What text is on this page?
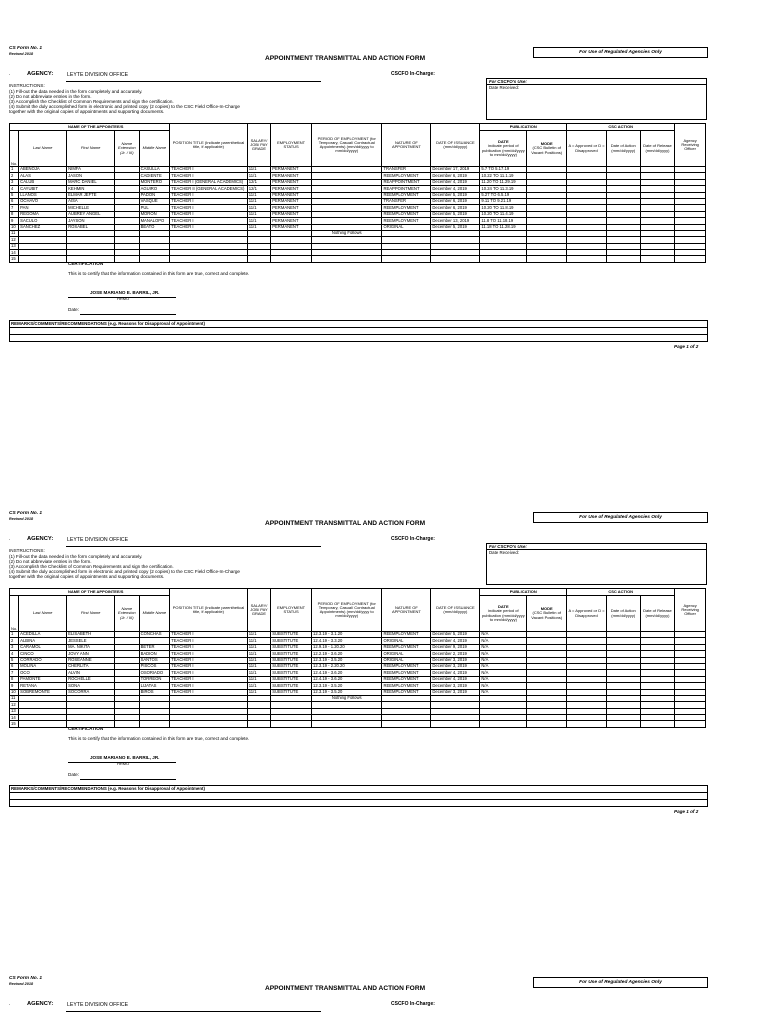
CS Form No. 1
Revised 2018	For Use of Regulated Agencies Only
APPOINTMENT TRANSMITTAL AND ACTION FORM
.	AGENCY:	LEYTE DIVISION OFFICE	CSCFO In-Charge:
INSTRUCTIONS:
(1) Fill-out the data needed in the form completely and accurately.
(2) Do not abbreviate entries in the form.
(3) Accomplish the Checklist of Common Requirements and sign the certification.
(4) Submit the duly accomplished form in electronic and printed copy (2 copies) to the CSC Field Office-In-Charge
together with the original copies of appointments and supporting documents.
For CSCFO's Use:
Date Received:
NAME OF THE APPOINTEE/S					POSITION TITLE (Indicate parenthetical title, if applicable)	SALARY/ JOB/ PAY GRADE	EMPLOYMENT STATUS	PERIOD OF EMPLOYMENT (for Temporary, Casual/ Contractual Appointments) (mm/dd/yyyy to mm/dd/yyyy)	NATURE OF APPOINTMENT	DATE OF ISSUANCE (mm/dd/yyyy)	PUBLICATION		CSC ACTION			Agency Receiving Officer
No.	Last Name	First Name	Name Extension (Jr. / III)	Middle Name							DATE
indicate period of publication (mm/dd/yyyy to mm/dd/yyyy)	MODE
(CSC Bulletin of Vacant Positions)	A = Approved or D = Disapproved	Date of Action (mm/dd/yyyy)	Date of Release (mm/dd/yyyy)	
1	ABENOJA	NIMFA		CASULLA	TEACHER I	11/1	PERMANENT		TRANSFER	December 17, 2019	5.7 TO 5.17.19					
2	ALAS	JASON		CADIENTE	TEACHER I	11/1	PERMANENT		REEMPLOYMENT	December 6, 2019	10.22 TO 11.1.19					
3	CALUB	MARC DANIEL		MONTERO	TEACHER I (GENERAL ACADEMICS)	12/1	PERMANENT		REAPPOINTMENT	December 4, 2019	11.20 TO 11.29.19					
4	CAYUBIT	KEHMIN		AGUIRO	TEACHER II (GENERAL ACADEMICS)	12/1	PERMANENT		REAPPOINTMENT	December 4, 2019	10.24 TO 11.3.19					
5	LLANOS	ELMAR JEFTE		PADON	TEACHER I	11/1	PERMANENT		REEMPLOYMENT	December 5, 2019	5.27 TO 6.5.19					
6	OCHAVO	AISA		VASQUE	TEACHER I	11/1	PERMANENT		TRANSFER	December 6, 2019	9.11 TO 9.21.19					
7	PAN	MICHELLE		PUL	TEACHER I	11/1	PERMANENT		REEMPLOYMENT	December 6, 2019	10.20 TO 11.8.19					
8	REGOMA	AUBREY ANGEL		MORON	TEACHER I	11/1	PERMANENT		REEMPLOYMENT	December 5, 2019	10.20 TO 11.4.19					
9	SACULO	JAYSON		MANALOPO	TEACHER I	11/1	PERMANENT		REEMPLOYMENT	December 13, 2019	11.8 TO 11.18.19					
10	SANCHEZ	ROSABEL		BEATO	TEACHER I	11/1	PERMANENT		ORIGINAL	December 5, 2019	11.18 TO 11.28.19					
11								Nothing Follows								
12																
13																
14																
15																
CERTIFICATION
This is to certify that the information contained in this form are true, correct and complete.
JOSE MARIANO E. BARRIL, JR.
HRMO
Date:
REMARKS/COMMENTS/RECOMMENDATIONS (e.g. Reasons for Disapproval of Appointment)
Page 1 of 2
CS Form No. 1
Revised 2018	For Use of Regulated Agencies Only
APPOINTMENT TRANSMITTAL AND ACTION FORM
.	AGENCY:	LEYTE DIVISION OFFICE	CSCFO In-Charge:
INSTRUCTIONS:
(1) Fill-out the data needed in the form completely and accurately.
(2) Do not abbreviate entries in the form.
(3) Accomplish the Checklist of Common Requirements and sign the certification.
(4) Submit the duly accomplished form in electronic and printed copy (2 copies) to the CSC Field Office-In-Charge
together with the original copies of appointments and supporting documents.
For CSCFO's Use:
Date Received:
NAME OF THE APPOINTEE/S					POSITION TITLE (Indicate parenthetical title, if applicable)	SALARY/ JOB/ PAY GRADE	EMPLOYMENT STATUS	PERIOD OF EMPLOYMENT (for Temporary, Casual/ Contractual Appointments) (mm/dd/yyyy to mm/dd/yyyy)	NATURE OF APPOINTMENT	DATE OF ISSUANCE (mm/dd/yyyy)	PUBLICATION		CSC ACTION			Agency Receiving Officer
No.	Last Name	First Name	Name Extension (Jr. / III)	Middle Name							DATE
indicate period of publication (mm/dd/yyyy to mm/dd/yyyy)	MODE
(CSC Bulletin of Vacant Positions)	A = Approved or D = Disapproved	Date of Action (mm/dd/yyyy)	Date of Release (mm/dd/yyyy)	
1	ACEDILLA	ELISABETH		CONCHAS	TEACHER I	11/1	SUBSTITUTE	12.3.19 - 3.1.20	REEMPLOYMENT	December 5, 2019	N/A					
2	ALBINA	JESSELE			TEACHER I	11/1	SUBSTITUTE	12.4.19 - 3.3.20	ORIGINAL	December 4, 2019	N/A					
3	CARAMOL	MA. NIKITA		BETER	TEACHER I	11/1	SUBSTITUTE	12.9.19 - 1.20.20	REEMPLOYMENT	December 9, 2019	N/A					
4	CINCO	JOVY ANN		BADION	TEACHER I	11/1	SUBSTITUTE	12.2.19 - 3.6.20	ORIGINAL	December 2, 2019	N/A					
5	CORRADO	ROSEANNE		SANTOS	TEACHER I	11/1	SUBSTITUTE	12.3.19 - 3.5.20	ORIGINAL	December 3, 2019	N/A					
6	MOLINA	CHERLITA		PISCOS	TEACHER I	11/1	SUBSTITUTE	12.3.19 - 2.20.20	REEMPLOYMENT	December 3, 2019	N/A					
7	OCO	ALVIN		OSORIADO	TEACHER I	11/1	SUBSTITUTE	12.4.19 - 3.6.20	REEMPLOYMENT	December 4, 2019	N/A					
8	PAMONTE	ROCHELLE		TORREON	TEACHER I	11/1	SUBSTITUTE	12.4.19 - 3.6.20	REEMPLOYMENT	December 4, 2019	N/A					
9	RETANA	SONA		LIJATAS	TEACHER I	11/1	SUBSTITUTE	12.3.19 - 3.5.20	REEMPLOYMENT	December 3, 2019	N/A					
10	SOBREMONTE	SOCORRA		BIROS	TEACHER I	11/1	SUBSTITUTE	12.3.19 - 3.5.20	REEMPLOYMENT	December 3, 2019	N/A					
11								Nothing Follows								
12																
13																
14																
15																
CERTIFICATION
This is to certify that the information contained in this form are true, correct and complete.
JOSE MARIANO E. BARRIL, JR.
HRMO
Date:
REMARKS/COMMENTS/RECOMMENDATIONS (e.g. Reasons for Disapproval of Appointment)
Page 1 of 2
CS Form No. 1
Revised 2018	For Use of Regulated Agencies Only
APPOINTMENT TRANSMITTAL AND ACTION FORM
.	AGENCY:	LEYTE DIVISION OFFICE	CSCFO In-Charge:
